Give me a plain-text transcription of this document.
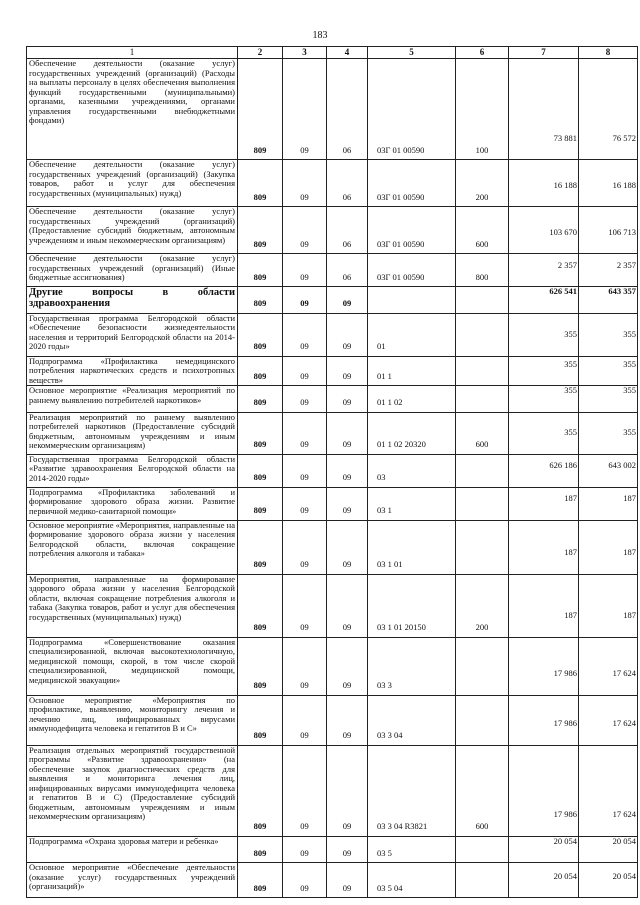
183
1	2	3	4	5	6	7	8
Обеспечение деятельности (оказание услуг) государственных учреждений (организаций) (Расходы на выплаты персоналу в целях обеспечения выполнения функций государственными (муниципальными) органами, казенными учреждениями, органами управления государственными внебюджетными фондами)	809	09	06	03Г 01 00590	100	73 881	76 572
Обеспечение деятельности (оказание услуг) государственных учреждений (организаций) (Закупка товаров, работ и услуг для обеспечения государственных (муниципальных) нужд)	809	09	06	03Г 01 00590	200	16 188	16 188
Обеспечение деятельности (оказание услуг) государственных учреждений (организаций) (Предоставление субсидий бюджетным, автономным учреждениям и иным некоммерческим организациям)	809	09	06	03Г 01 00590	600	103 670	106 713
Обеспечение деятельности (оказание услуг) государственных учреждений (организаций) (Иные бюджетные ассигнования)	809	09	06	03Г 01 00590	800	2 357	2 357
Другие вопросы в области здравоохранения	809	09	09			626 541	643 357
Государственная программа Белгородской области «Обеспечение безопасности жизнедеятельности населения и территорий Белгородской области на 2014-2020 годы»	809	09	09	01		355	355
Подпрограмма «Профилактика немедицинского потребления наркотических средств и психотропных веществ»	809	09	09	01 1		355	355
Основное мероприятие «Реализация мероприятий по раннему выявлению потребителей наркотиков»	809	09	09	01 1 02		355	355
Реализация мероприятий по раннему выявлению потребителей наркотиков (Предоставление субсидий бюджетным, автономным учреждениям и иным некоммерческим организациям)	809	09	09	01 1 02 20320	600	355	355
Государственная программа Белгородской области «Развитие здравоохранения Белгородской области на 2014-2020 годы»	809	09	09	03		626 186	643 002
Подпрограмма «Профилактика заболеваний и формирование здорового образа жизни. Развитие первичной медико-санитарной помощи»	809	09	09	03 1		187	187
Основное мероприятие «Мероприятия, направленные на формирование здорового образа жизни у населения Белгородской области, включая сокращение потребления алкоголя и табака»	809	09	09	03 1 01		187	187
Мероприятия, направленные на формирование здорового образа жизни у населения Белгородской области, включая сокращение потребления алкоголя и табака (Закупка товаров, работ и услуг для обеспечения государственных (муниципальных) нужд)	809	09	09	03 1 01 20150	200	187	187
Подпрограмма «Совершенствование оказания специализированной, включая высокотехнологичную, медицинской помощи, скорой, в том числе скорой специализированной, медицинской помощи, медицинской эвакуации»	809	09	09	03 3		17 986	17 624
Основное мероприятие «Мероприятия по профилактике, выявлению, мониторингу лечения и лечению лиц, инфицированных вирусами иммунодефицита человека и гепатитов В и С»	809	09	09	03 3 04		17 986	17 624
Реализация отдельных мероприятий государственной программы «Развитие здравоохранения» (на обеспечение закупок диагностических средств для выявления и мониторинга лечения лиц, инфицированных вирусами иммунодефицита человека и гепатитов В и С) (Предоставление субсидий бюджетным, автономным учреждениям и иным некоммерческим организациям)	809	09	09	03 3 04 R3821	600	17 986	17 624
Подпрограмма «Охрана здоровья матери и ребенка»	809	09	09	03 5		20 054	20 054
Основное мероприятие «Обеспечение деятельности (оказание услуг) государственных учреждений (организаций)»	809	09	09	03 5 04		20 054	20 054
